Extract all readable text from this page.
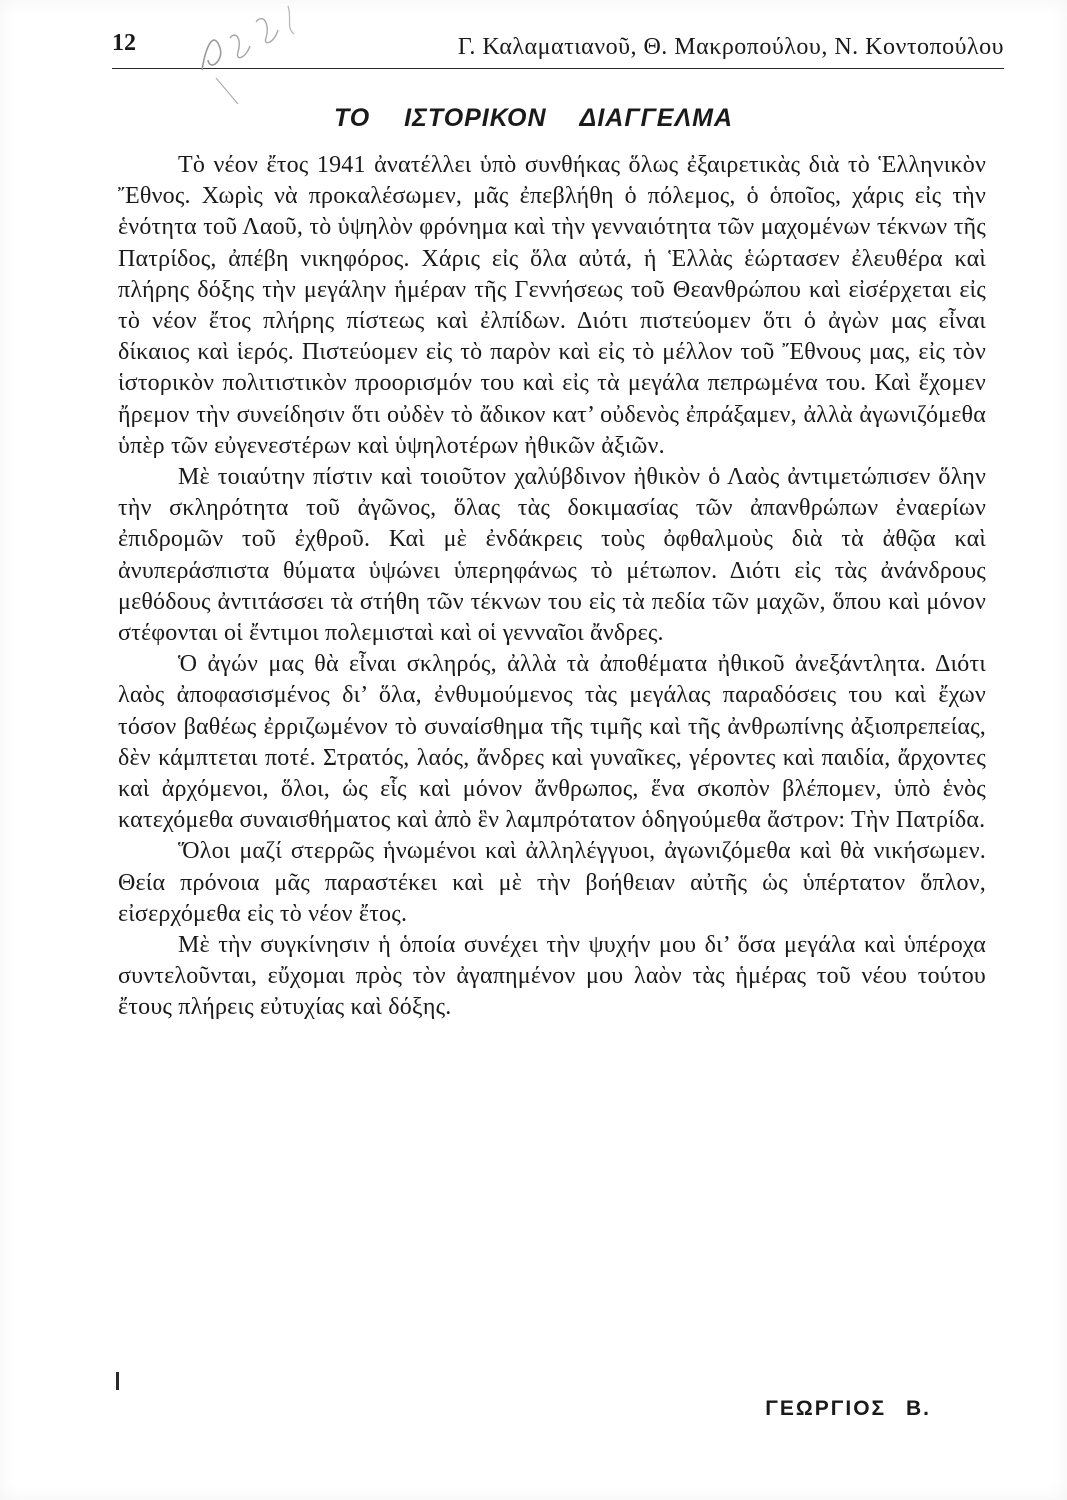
12	Γ. Καλαματιανοῦ, Θ. Μακροπούλου, Ν. Κοντοπούλου
ΤΟ ΙΣΤΟΡΙΚΟΝ ΔΙΑΓΓΕΛΜΑ

Τὸ νέον ἔτος 1941 ἀνατέλλει ὑπὸ συνθήκας ὅλως ἐξαιρετικὰς διὰ τὸ Ἑλληνικὸν Ἔθνος. Χωρὶς νὰ προκαλέσωμεν, μᾶς ἐπεβλήθη ὁ πόλεμος, ὁ ὁποῖος, χάρις εἰς τὴν ἑνότητα τοῦ Λαοῦ, τὸ ὑψηλὸν φρόνημα καὶ τὴν γενναιότητα τῶν μαχομένων τέκνων τῆς Πατρίδος, ἀπέβη νικηφόρος. Χάρις εἰς ὅλα αὐτά, ἡ Ἑλλὰς ἑώρτασεν ἐλευθέρα καὶ πλήρης δόξης τὴν μεγάλην ἡμέραν τῆς Γεννήσεως τοῦ Θεανθρώπου καὶ εἰσέρχεται εἰς τὸ νέον ἔτος πλήρης πίστεως καὶ ἐλπίδων. Διότι πιστεύομεν ὅτι ὁ ἀγὼν μας εἶναι δίκαιος καὶ ἱερός. Πιστεύομεν εἰς τὸ παρὸν καὶ εἰς τὸ μέλλον τοῦ Ἔθνους μας, εἰς τὸν ἱστορικὸν πολιτιστικὸν προορισμόν του καὶ εἰς τὰ μεγάλα πεπρωμένα του. Καὶ ἔχομεν ἤρεμον τὴν συνείδησιν ὅτι οὐδὲν τὸ ἄδικον κατ’ οὐδενὸς ἐπράξαμεν, ἀλλὰ ἀγωνιζόμεθα ὑπὲρ τῶν εὐγενεστέρων καὶ ὑψηλοτέρων ἠθικῶν ἀξιῶν.

Μὲ τοιαύτην πίστιν καὶ τοιοῦτον χαλύβδινον ἠθικὸν ὁ Λαὸς ἀντιμετώπισεν ὅλην τὴν σκληρότητα τοῦ ἀγῶνος, ὅλας τὰς δοκιμασίας τῶν ἀπανθρώπων ἐναερίων ἐπιδρομῶν τοῦ ἐχθροῦ. Καὶ μὲ ἐνδάκρεις τοὺς ὀφθαλμοὺς διὰ τὰ ἀθῷα καὶ ἀνυπεράσπιστα θύματα ὑψώνει ὑπερηφάνως τὸ μέτωπον. Διότι εἰς τὰς ἀνάνδρους μεθόδους ἀντιτάσσει τὰ στήθη τῶν τέκνων του εἰς τὰ πεδία τῶν μαχῶν, ὅπου καὶ μόνον στέφονται οἱ ἔντιμοι πολεμισταὶ καὶ οἱ γενναῖοι ἄνδρες.

Ὁ ἀγών μας θὰ εἶναι σκληρός, ἀλλὰ τὰ ἀποθέματα ἠθικοῦ ἀνεξάντλητα. Διότι λαὸς ἀποφασισμένος δι’ ὅλα, ἐνθυμούμενος τὰς μεγάλας παραδόσεις του καὶ ἔχων τόσον βαθέως ἐρριζωμένον τὸ συναίσθημα τῆς τιμῆς καὶ τῆς ἀνθρωπίνης ἀξιοπρεπείας, δὲν κάμπτεται ποτέ. Στρατός, λαός, ἄνδρες καὶ γυναῖκες, γέροντες καὶ παιδία, ἄρχοντες καὶ ἀρχόμενοι, ὅλοι, ὡς εἷς καὶ μόνον ἄνθρωπος, ἕνα σκοπὸν βλέπομεν, ὑπὸ ἑνὸς κατεχόμεθα συναισθήματος καὶ ἀπὸ ἓν λαμπρότατον ὁδηγούμεθα ἄστρον: Τὴν Πατρίδα.

Ὅλοι μαζί στερρῶς ἡνωμένοι καὶ ἀλληλέγγυοι, ἀγωνιζόμεθα καὶ θὰ νικήσωμεν. Θεία πρόνοια μᾶς παραστέκει καὶ μὲ τὴν βοήθειαν αὐτῆς ὡς ὑπέρτατον ὅπλον, εἰσερχόμεθα εἰς τὸ νέον ἔτος.

Μὲ τὴν συγκίνησιν ἡ ὁποία συνέχει τὴν ψυχήν μου δι’ ὅσα μεγάλα καὶ ὑπέροχα συντελοῦνται, εὔχομαι πρὸς τὸν ἀγαπημένον μου λαὸν τὰς ἡμέρας τοῦ νέου τούτου ἔτους πλήρεις εὐτυχίας καὶ δόξης.

ΓΕΩΡΓΙΟΣ Β.
